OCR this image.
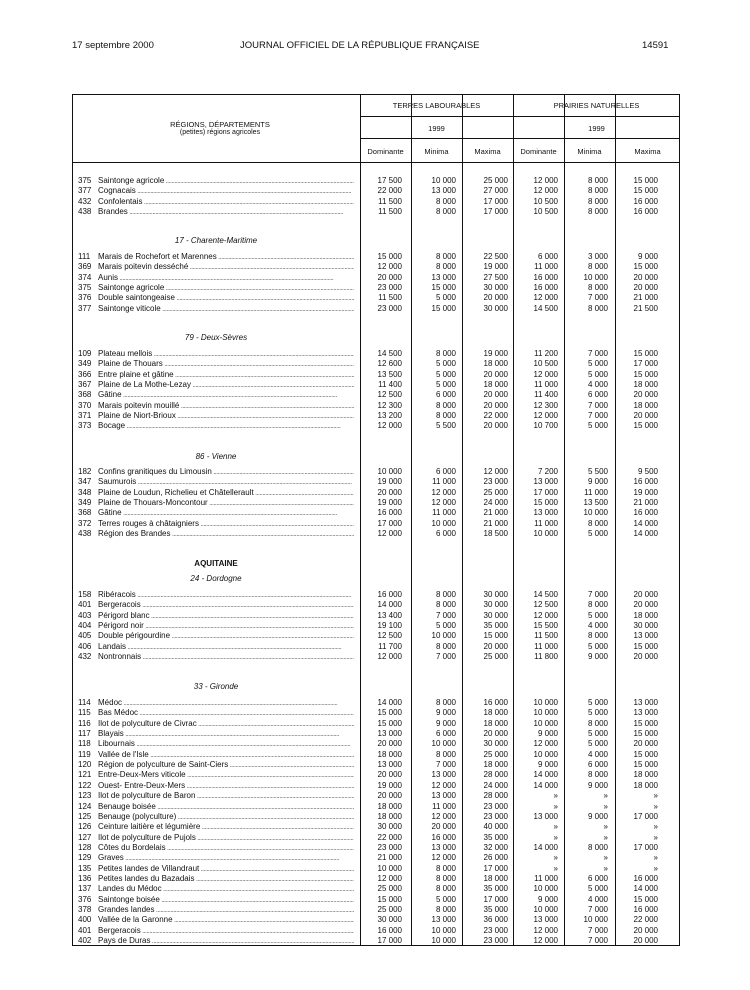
17 septembre 2000	JOURNAL OFFICIEL DE LA RÉPUBLIQUE FRANÇAISE	14591
RÉGIONS, DÉPARTEMENTS
(petites) régions agricoles
TERRES LABOURABLES	PRAIRIES NATURELLES
1999	1999
Dominante	Minima	Maxima	Dominante	Minima	Maxima
17 - Charente-Maritime
79 - Deux-Sèvres
86 - Vienne
AQUITAINE
24 - Dordogne
33 - Gironde
375 Saintonge agricole .....	17 500	10 000	25 000	12 000	8 000	15 000
377 Cognacais .....	22 000	13 000	27 000	12 000	8 000	15 000
432 Confolentais .....	11 500	8 000	17 000	10 500	8 000	16 000
438 Brandes .....	11 500	8 000	17 000	10 500	8 000	16 000
111 Marais de Rochefort et Marennes .....	15 000	8 000	22 500	6 000	3 000	9 000
369 Marais poitevin desséché .....	12 000	8 000	19 000	11 000	8 000	15 000
374 Aunis .....	20 000	13 000	27 500	16 000	10 000	20 000
375 Saintonge agricole .....	23 000	15 000	30 000	16 000	8 000	20 000
376 Double saintongeaise .....	11 500	5 000	20 000	12 000	7 000	21 000
377 Saintonge viticole .....	23 000	15 000	30 000	14 500	8 000	21 500
109 Plateau mellois .....	14 500	8 000	19 000	11 200	7 000	15 000
349 Plaine de Thouars .....	12 600	5 000	18 000	10 500	5 000	17 000
366 Entre plaine et gâtine .....	13 500	5 000	20 000	12 000	5 000	15 000
367 Plaine de La Mothe-Lezay .....	11 400	5 000	18 000	11 000	4 000	18 000
368 Gâtine .....	12 500	6 000	20 000	11 400	6 000	20 000
370 Marais poitevin mouillé .....	12 300	8 000	20 000	12 300	7 000	18 000
371 Plaine de Niort-Brioux .....	13 200	8 000	22 000	12 000	7 000	20 000
373 Bocage .....	12 000	5 500	20 000	10 700	5 000	15 000
182 Confins granitiques du Limousin .....	10 000	6 000	12 000	7 200	5 500	9 500
347 Saumurois .....	19 000	11 000	23 000	13 000	9 000	16 000
348 Plaine de Loudun, Richelieu et Châtellerault .....	20 000	12 000	25 000	17 000	11 000	19 000
349 Plaine de Thouars-Moncontour .....	19 000	12 000	24 000	15 000	13 500	21 000
368 Gâtine .....	16 000	11 000	21 000	13 000	10 000	16 000
372 Terres rouges à châtaigniers .....	17 000	10 000	21 000	11 000	8 000	14 000
438 Région des Brandes .....	12 000	6 000	18 500	10 000	5 000	14 000
158 Ribéracois .....	16 000	8 000	30 000	14 500	7 000	20 000
401 Bergeracois .....	14 000	8 000	30 000	12 500	8 000	20 000
403 Périgord blanc .....	13 400	7 000	30 000	12 000	5 000	18 000
404 Périgord noir .....	19 100	5 000	35 000	15 500	4 000	30 000
405 Double périgourdine .....	12 500	10 000	15 000	11 500	8 000	13 000
406 Landais .....	11 700	8 000	20 000	11 000	5 000	15 000
432 Nontronnais .....	12 000	7 000	25 000	11 800	9 000	20 000
114 Médoc .....	14 000	8 000	16 000	10 000	5 000	13 000
115 Bas Médoc .....	15 000	9 000	18 000	10 000	5 000	13 000
116 Ilot de polyculture de Civrac .....	15 000	9 000	18 000	10 000	8 000	15 000
117 Blayais .....	13 000	6 000	20 000	9 000	5 000	15 000
118 Libournais .....	20 000	10 000	30 000	12 000	5 000	20 000
119 Vallée de l'Isle .....	18 000	8 000	25 000	10 000	4 000	15 000
120 Région de polyculture de Saint-Ciers .....	13 000	7 000	18 000	9 000	6 000	15 000
121 Entre-Deux-Mers viticole .....	20 000	13 000	28 000	14 000	8 000	18 000
122 Ouest- Entre-Deux-Mers .....	19 000	12 000	24 000	14 000	9 000	18 000
123 Ilot de polyculture de Baron .....	20 000	13 000	28 000	»	»	»
124 Benauge boisée .....	18 000	11 000	23 000	»	»	»
125 Benauge (polyculture) .....	18 000	12 000	23 000	13 000	9 000	17 000
126 Ceinture laitière et légumière .....	30 000	20 000	40 000	»	»	»
127 Ilot de polyculture de Pujols .....	22 000	16 000	35 000	»	»	»
128 Côtes du Bordelais .....	23 000	13 000	32 000	14 000	8 000	17 000
129 Graves .....	21 000	12 000	26 000	»	»	»
135 Petites landes de Villandraut .....	10 000	8 000	17 000	»	»	»
136 Petites landes du Bazadais .....	12 000	8 000	18 000	11 000	6 000	16 000
137 Landes du Médoc .....	25 000	8 000	35 000	10 000	5 000	14 000
376 Saintonge boisée .....	15 000	5 000	17 000	9 000	4 000	15 000
378 Grandes landes .....	25 000	8 000	35 000	10 000	7 000	16 000
400 Vallée de la Garonne .....	30 000	13 000	36 000	13 000	10 000	22 000
401 Bergeracois .....	16 000	10 000	23 000	12 000	7 000	20 000
402 Pays de Duras .....	17 000	10 000	23 000	12 000	7 000	20 000
